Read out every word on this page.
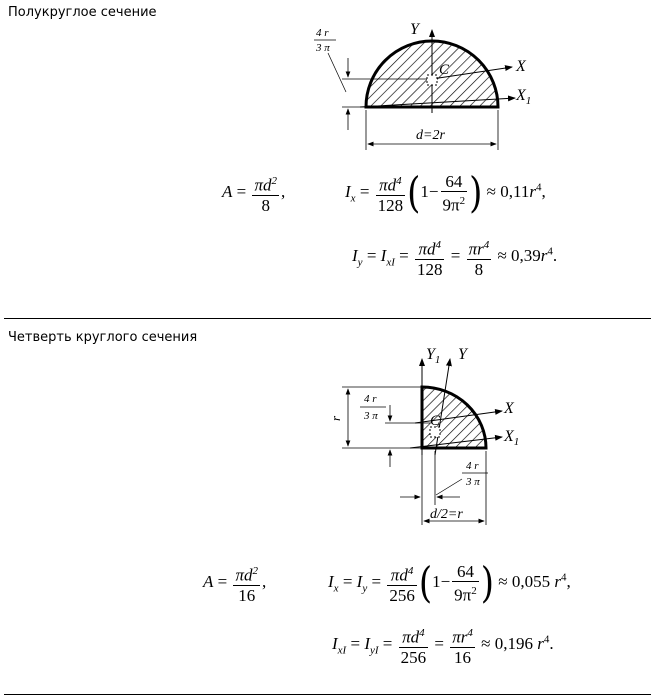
Полукруглое сечение
Y
X
$X_1$
C
4 r
3 π
d=2r
$A = \frac{\pi d^2}{8}$ ,	$I_x = \frac{\pi d^4}{128} (1- \frac{64}{9\pi^2}$ ) ≈ $0,11r^4$,
$I_y = I_{xI} = \frac{\pi d^4}{128} = \frac{\pi r^4}{8} \approx 0,39r^4$.
Четверть круглого сечения
$Y_1$ Y
X
$X_1$
C
r
4 r
3 π
4 r
3 π
d/2=r
$A = \frac{\pi d^2}{16}$ ,	$I_x = I_y = \frac{\pi d^4}{256} (1- \frac{64}{9\pi^2}$ ) ≈ 0,055 $r^4$,
$I_{xI} = I_{yI} = \frac{\pi d^4}{256} = \frac{\pi r^4}{16} \approx 0,196$ $r^4$.
